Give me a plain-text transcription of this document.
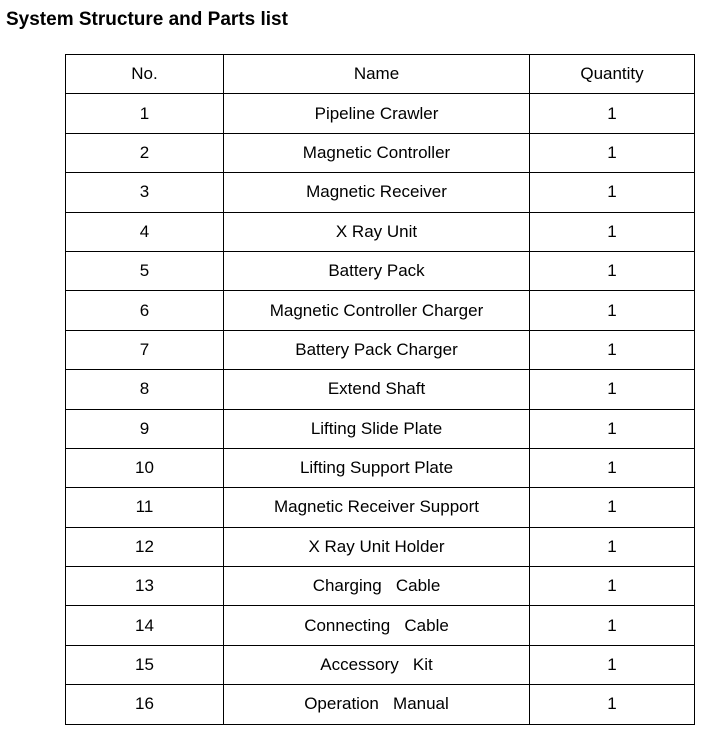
System Structure and Parts list
No.	Name	Quantity
1	Pipeline Crawler	1
2	Magnetic Controller	1
3	Magnetic Receiver	1
4	X Ray Unit	1
5	Battery Pack	1
6	Magnetic Controller Charger	1
7	Battery Pack Charger	1
8	Extend Shaft	1
9	Lifting Slide Plate	1
10	Lifting Support Plate	1
11	Magnetic Receiver Support	1
12	X Ray Unit Holder	1
13	Charging   Cable	1
14	Connecting   Cable	1
15	Accessory   Kit	1
16	Operation   Manual	1
